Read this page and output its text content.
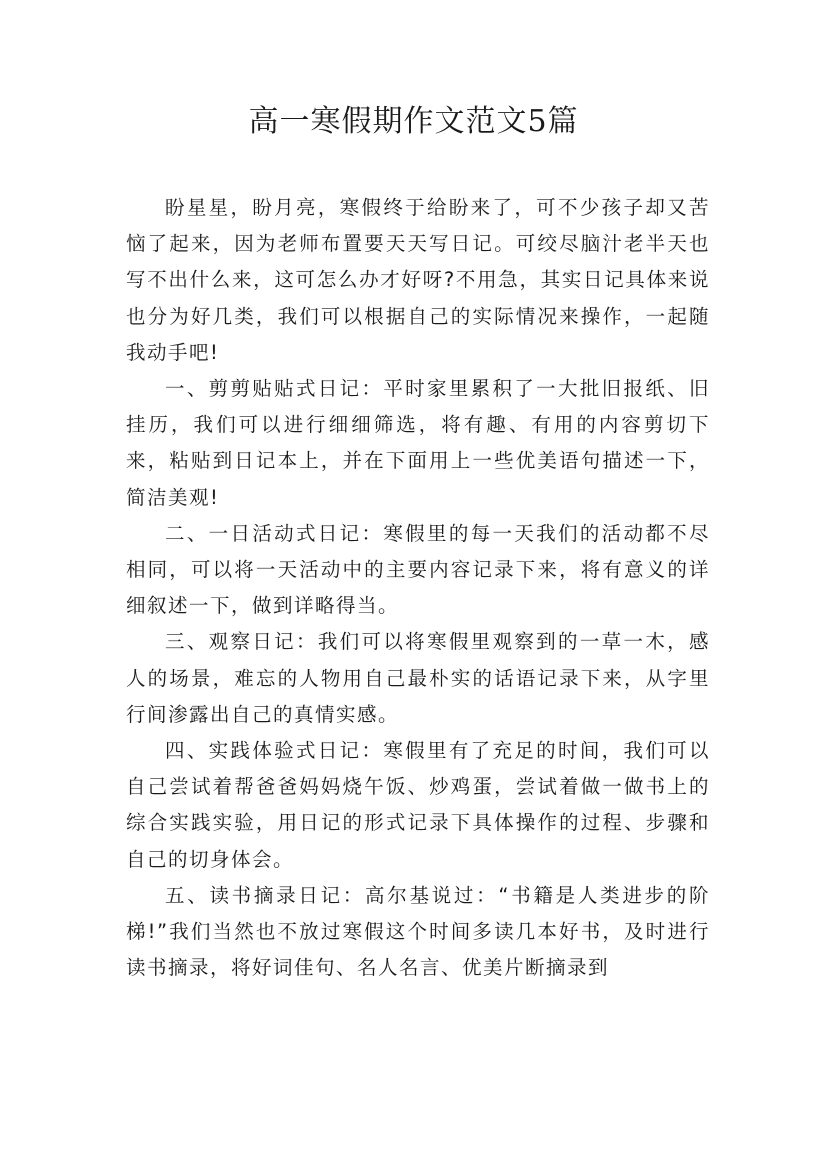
高一寒假期作文范文5篇

盼星星，盼月亮，寒假终于给盼来了，可不少孩子却又苦恼了起来，因为老师布置要天天写日记。可绞尽脑汁老半天也写不出什么来，这可怎么办才好呀?不用急，其实日记具体来说也分为好几类，我们可以根据自己的实际情况来操作，一起随我动手吧!

一、剪剪贴贴式日记：平时家里累积了一大批旧报纸、旧挂历，我们可以进行细细筛选，将有趣、有用的内容剪切下来，粘贴到日记本上，并在下面用上一些优美语句描述一下，简洁美观!

二、一日活动式日记：寒假里的每一天我们的活动都不尽相同，可以将一天活动中的主要内容记录下来，将有意义的详细叙述一下，做到详略得当。

三、观察日记：我们可以将寒假里观察到的一草一木，感人的场景，难忘的人物用自己最朴实的话语记录下来，从字里行间渗露出自己的真情实感。

四、实践体验式日记：寒假里有了充足的时间，我们可以自己尝试着帮爸爸妈妈烧午饭、炒鸡蛋，尝试着做一做书上的综合实践实验，用日记的形式记录下具体操作的过程、步骤和自己的切身体会。

五、读书摘录日记：高尔基说过：“书籍是人类进步的阶梯!”我们当然也不放过寒假这个时间多读几本好书，及时进行读书摘录，将好词佳句、名人名言、优美片断摘录到
